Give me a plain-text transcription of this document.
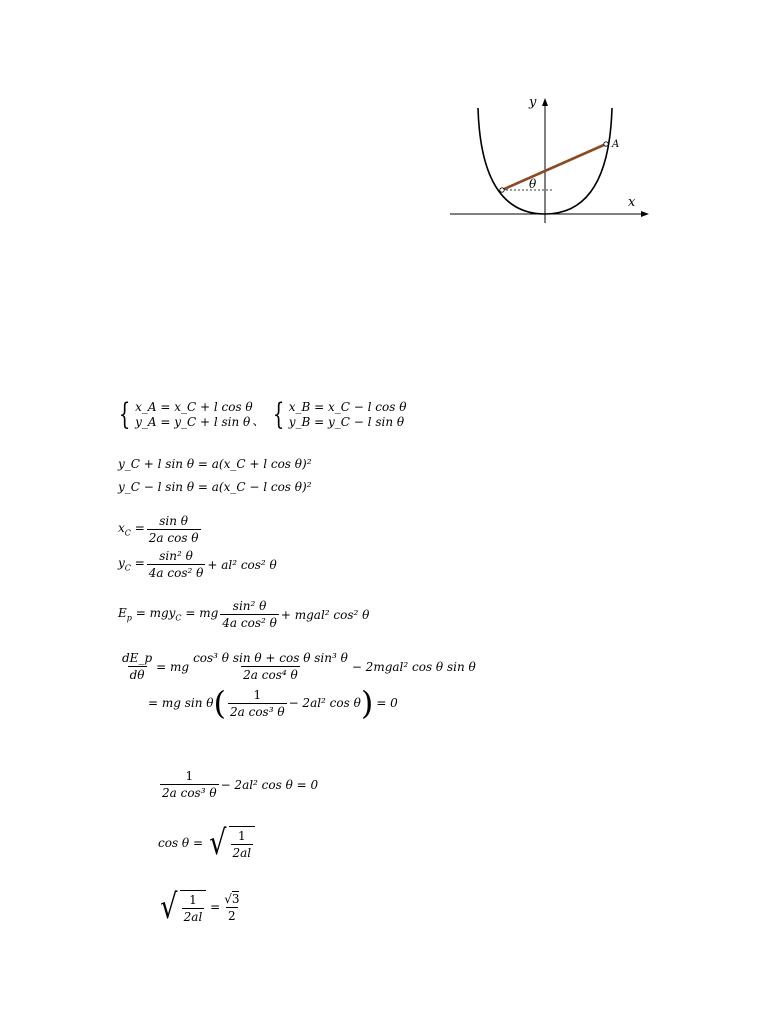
y
x
θ
A
{ x_A = x_C + l cos θ
y_A = y_C + l sin θ 、 { x_B = x_C − l cos θ
y_B = y_C − l sin θ
y_C + l sin θ = a(x_C + l cos θ)²
y_C − l sin θ = a(x_C − l cos θ)²
$x_C = \frac{\text{sin θ}}{\text{2a cos θ}}$
$y_C = \frac{\text{sin² θ}}{\text{4a cos² θ}} + al^2$ cos² θ
$E_p = mgy_C$ = mg $\frac{\text{sin² θ}}{\text{4a cos² θ}}$ + mgal² cos² θ
$\frac{dE\_p}{d\theta}$ = mg $\frac{\text{cos³ θ sin θ + cos θ sin³ θ}}{\text{2a cos⁴ θ}}$ − 2mgal² cos θ sin θ
= mg sin θ ( $\frac{1}{\text{2a cos³ θ}} - 2al^2$ cos θ ) = 0
$\frac{1}{\text{2a cos³ θ}} - 2al^2$ cos θ = 0
cos θ = √ $\frac{1}{2al}$
√ $\frac{1}{2al} = \frac{√ 3}{2}$
